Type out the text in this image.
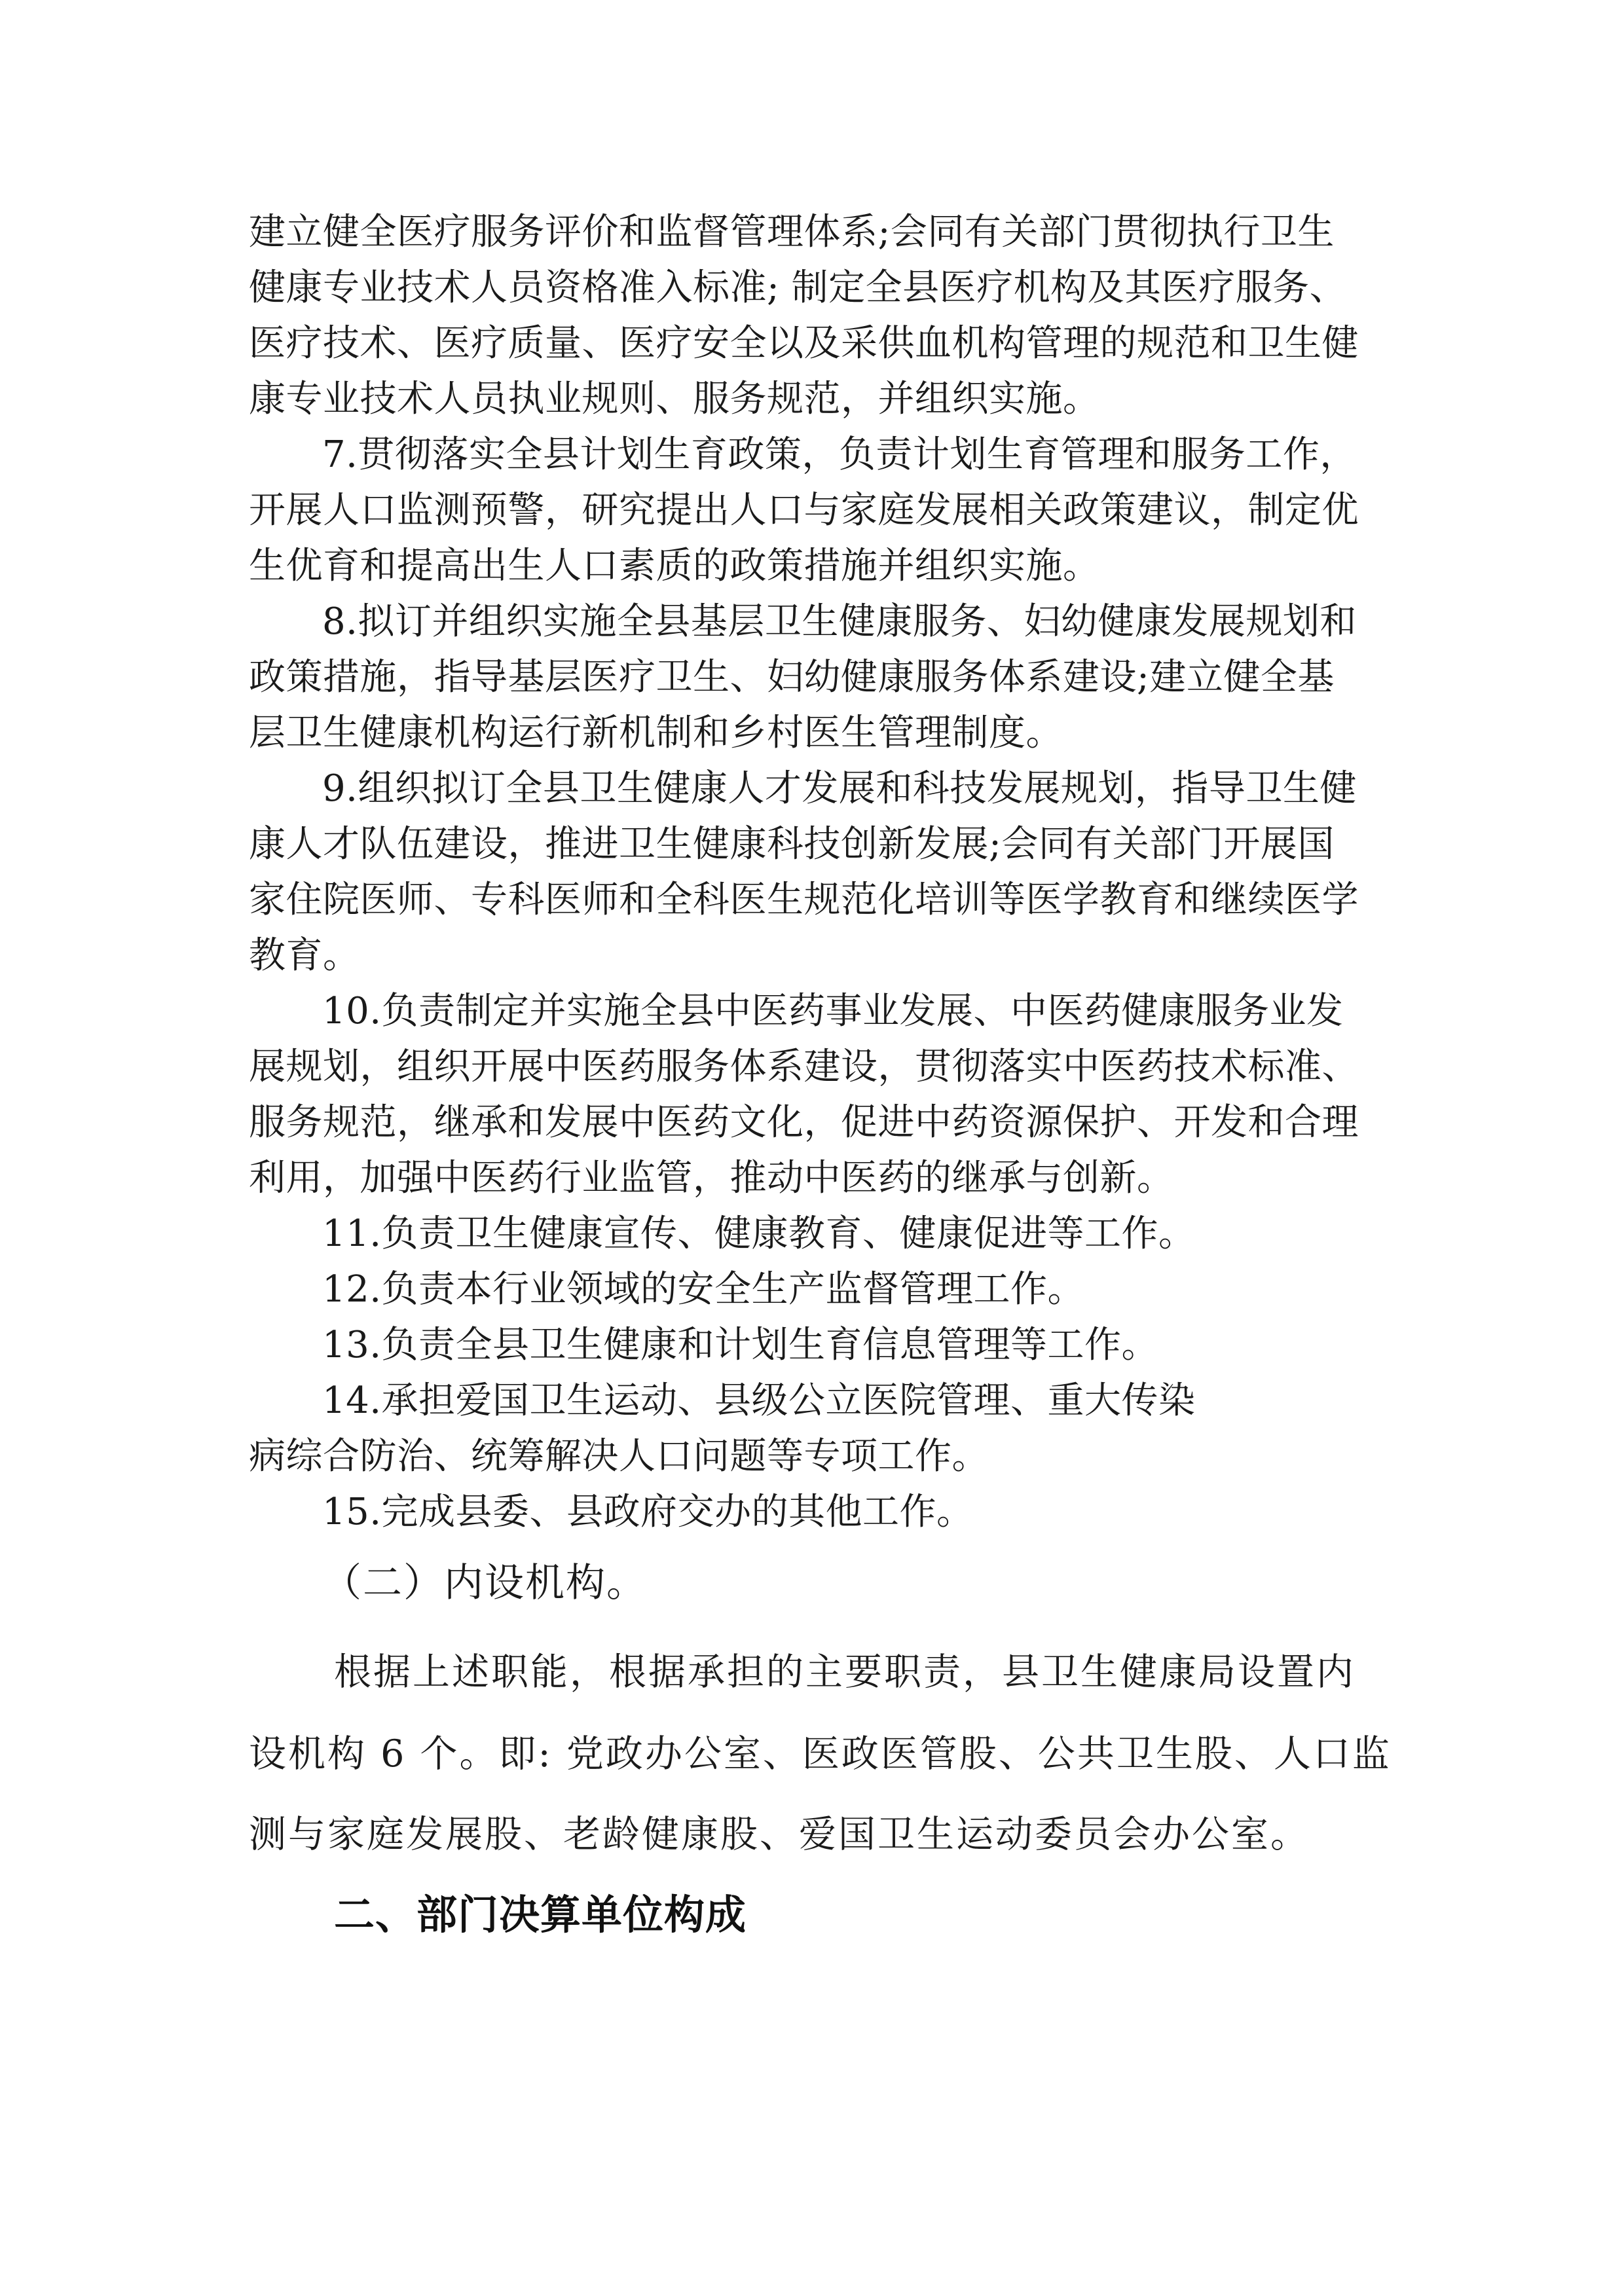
建立健全医疗服务评价和监督管理体系;会同有关部门贯彻执行卫生
健康专业技术人员资格准入标准; 制定全县医疗机构及其医疗服务、
医疗技术、医疗质量、医疗安全以及采供血机构管理的规范和卫生健
康专业技术人员执业规则、服务规范，并组织实施。
7.贯彻落实全县计划生育政策，负责计划生育管理和服务工作，
开展人口监测预警，研究提出人口与家庭发展相关政策建议，制定优
生优育和提高出生人口素质的政策措施并组织实施。
8.拟订并组织实施全县基层卫生健康服务、妇幼健康发展规划和
政策措施，指导基层医疗卫生、妇幼健康服务体系建设;建立健全基
层卫生健康机构运行新机制和乡村医生管理制度。
9.组织拟订全县卫生健康人才发展和科技发展规划，指导卫生健
康人才队伍建设，推进卫生健康科技创新发展;会同有关部门开展国
家住院医师、专科医师和全科医生规范化培训等医学教育和继续医学
教育。
10.负责制定并实施全县中医药事业发展、中医药健康服务业发
展规划，组织开展中医药服务体系建设，贯彻落实中医药技术标准、
服务规范，继承和发展中医药文化，促进中药资源保护、开发和合理
利用，加强中医药行业监管，推动中医药的继承与创新。
11.负责卫生健康宣传、健康教育、健康促进等工作。
12.负责本行业领域的安全生产监督管理工作。
13.负责全县卫生健康和计划生育信息管理等工作。
14.承担爱国卫生运动、县级公立医院管理、重大传染
病综合防治、统筹解决人口问题等专项工作。
15.完成县委、县政府交办的其他工作。
（二）内设机构。
根据上述职能，根据承担的主要职责，县卫生健康局设置内
设机构 6 个。即: 党政办公室、医政医管股、公共卫生股、人口监
测与家庭发展股、老龄健康股、爱国卫生运动委员会办公室。
二、部门决算单位构成
